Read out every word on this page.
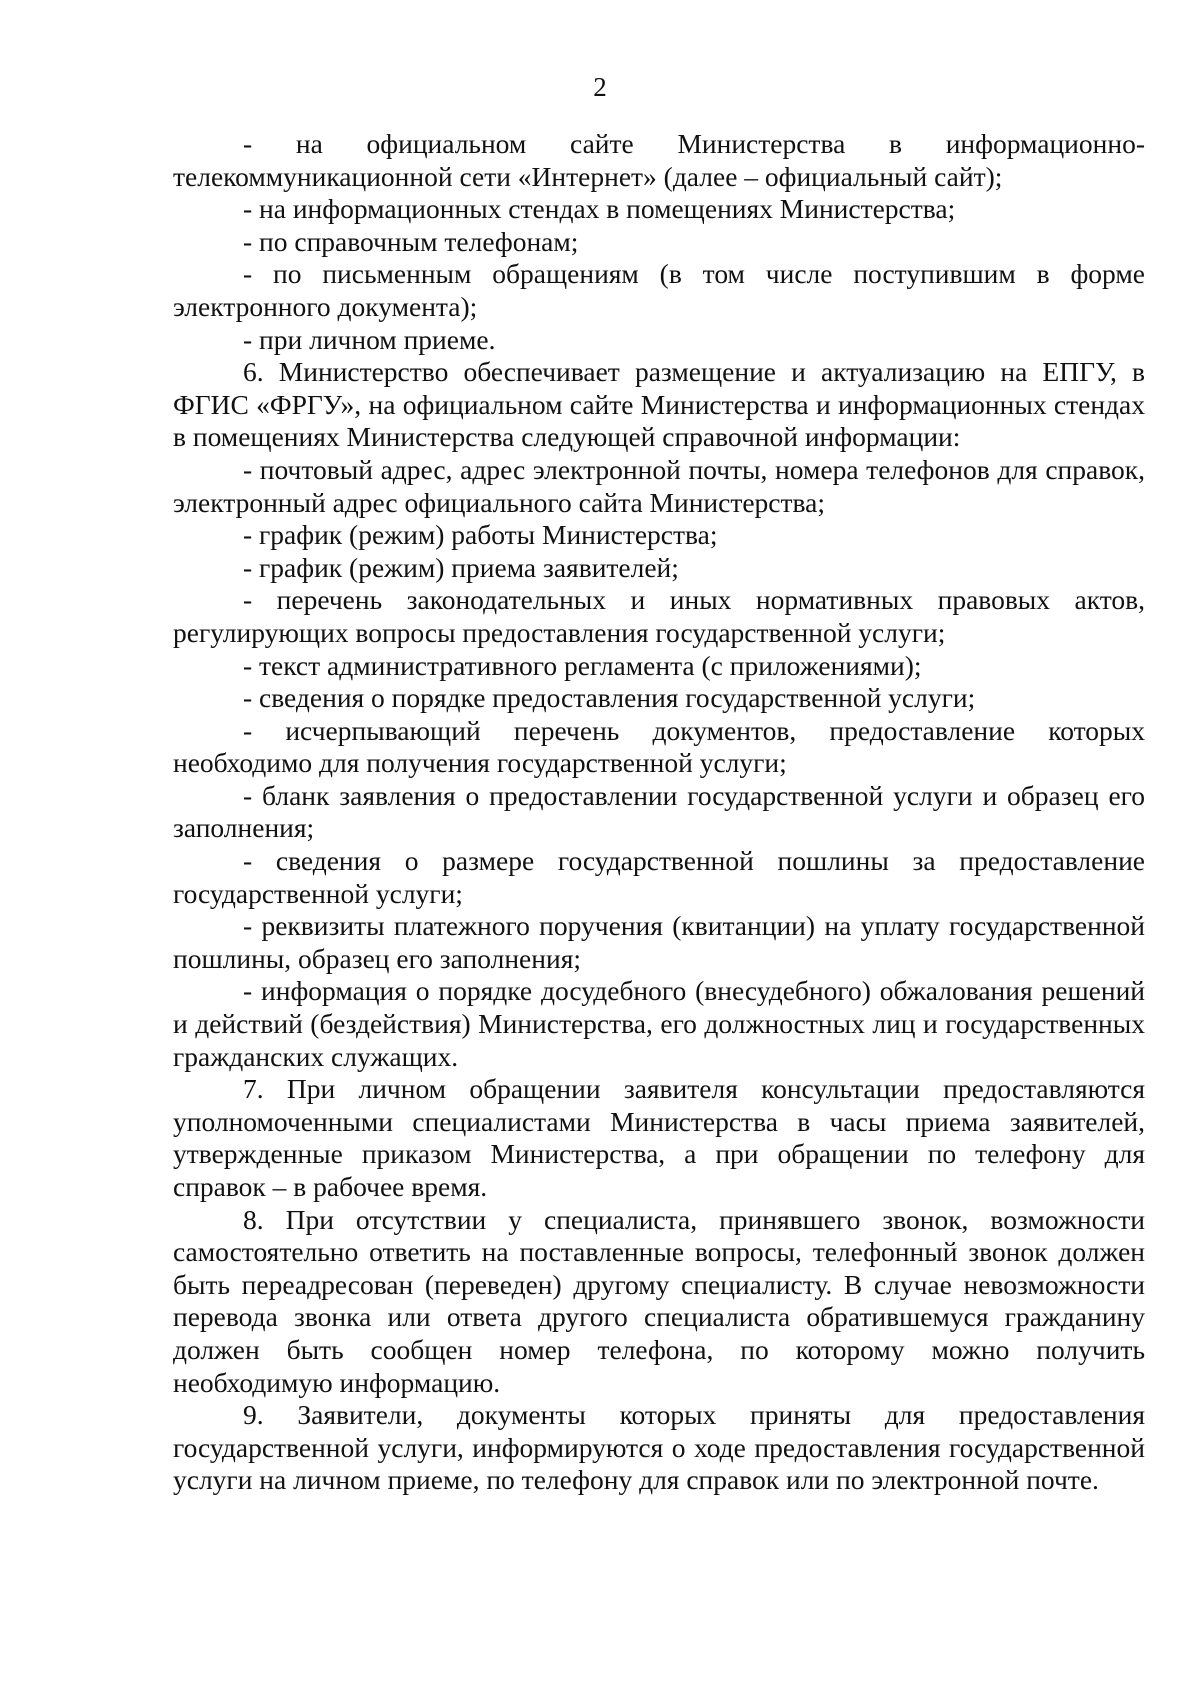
2

- на официальном сайте Министерства в информационно-телекоммуникационной сети «Интернет» (далее – официальный сайт);

- на информационных стендах в помещениях Министерства;

- по справочным телефонам;

- по письменным обращениям (в том числе поступившим в форме электронного документа);

- при личном приеме.

6. Министерство обеспечивает размещение и актуализацию на ЕПГУ, в ФГИС «ФРГУ», на официальном сайте Министерства и информационных стендах в помещениях Министерства следующей справочной информации:

- почтовый адрес, адрес электронной почты, номера телефонов для справок, электронный адрес официального сайта Министерства;

- график (режим) работы Министерства;

- график (режим) приема заявителей;

- перечень законодательных и иных нормативных правовых актов, регулирующих вопросы предоставления государственной услуги;

- текст административного регламента (с приложениями);

- сведения о порядке предоставления государственной услуги;

- исчерпывающий перечень документов, предоставление которых необходимо для получения государственной услуги;

- бланк заявления о предоставлении государственной услуги и образец его заполнения;

- сведения о размере государственной пошлины за предоставление государственной услуги;

- реквизиты платежного поручения (квитанции) на уплату государственной пошлины, образец его заполнения;

- информация о порядке досудебного (внесудебного) обжалования решений и действий (бездействия) Министерства, его должностных лиц и государственных гражданских служащих.

7. При личном обращении заявителя консультации предоставляются уполномоченными специалистами Министерства в часы приема заявителей, утвержденные приказом Министерства, а при обращении по телефону для справок – в рабочее время.

8. При отсутствии у специалиста, принявшего звонок, возможности самостоятельно ответить на поставленные вопросы, телефонный звонок должен быть переадресован (переведен) другому специалисту. В случае невозможности перевода звонка или ответа другого специалиста обратившемуся гражданину должен быть сообщен номер телефона, по которому можно получить необходимую информацию.

9. Заявители, документы которых приняты для предоставления государственной услуги, информируются о ходе предоставления государственной услуги на личном приеме, по телефону для справок или по электронной почте.
